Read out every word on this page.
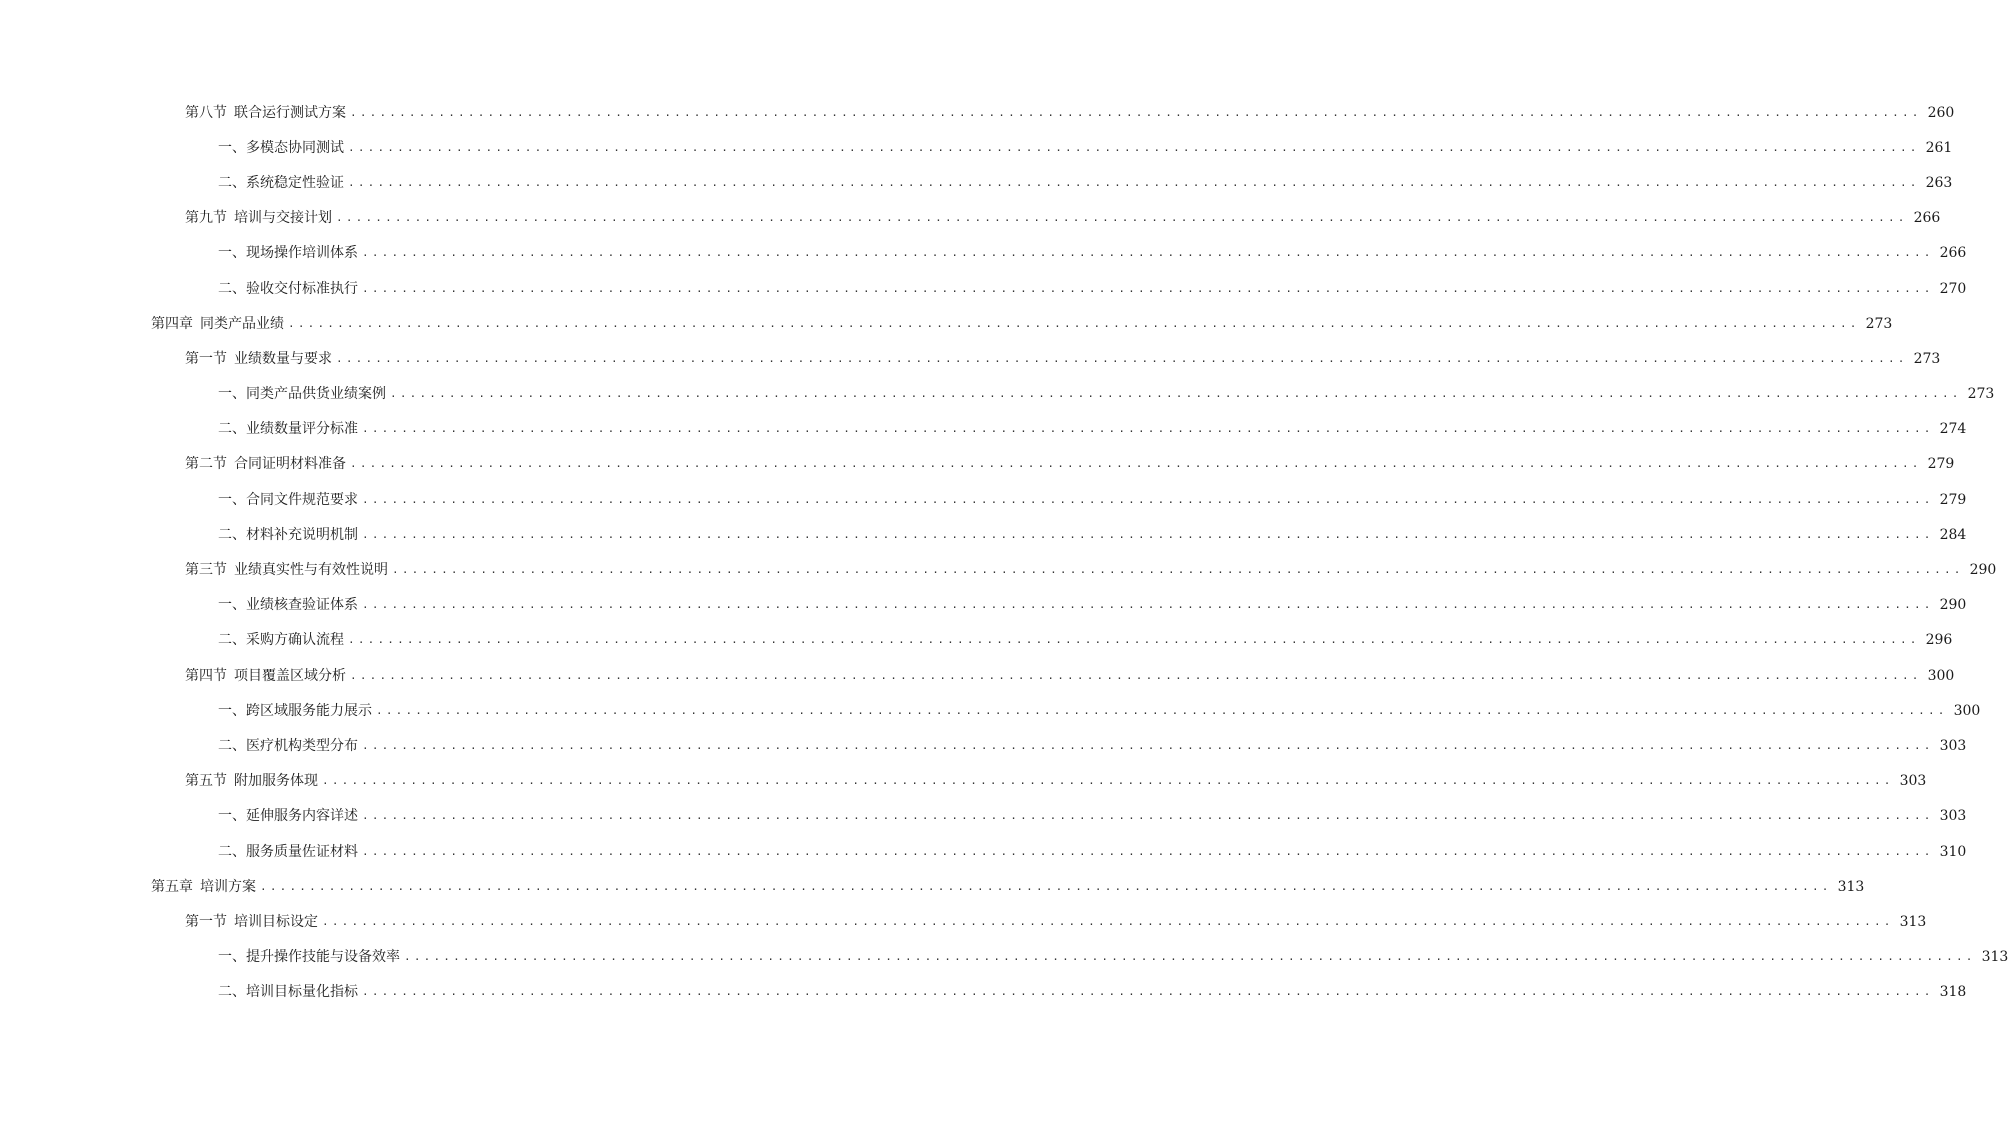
第八节 联合运行测试方案 ................................................................................................................................................................ 260
一、 多模态协同测试 ................................................................................................................................................................ 261
二、 系统稳定性验证 ................................................................................................................................................................ 263
第九节 培训与交接计划 ................................................................................................................................................................ 266
一、 现场操作培训体系 ................................................................................................................................................................ 266
二、 验收交付标准执行 ................................................................................................................................................................ 270
第四章 同类产品业绩 ................................................................................................................................................................ 273
第一节 业绩数量与要求 ................................................................................................................................................................ 273
一、 同类产品供货业绩案例 ................................................................................................................................................................ 273
二、 业绩数量评分标准 ................................................................................................................................................................ 274
第二节 合同证明材料准备 ................................................................................................................................................................ 279
一、 合同文件规范要求 ................................................................................................................................................................ 279
二、 材料补充说明机制 ................................................................................................................................................................ 284
第三节 业绩真实性与有效性说明 ................................................................................................................................................................ 290
一、 业绩核查验证体系 ................................................................................................................................................................ 290
二、 采购方确认流程 ................................................................................................................................................................ 296
第四节 项目覆盖区域分析 ................................................................................................................................................................ 300
一、 跨区域服务能力展示 ................................................................................................................................................................ 300
二、 医疗机构类型分布 ................................................................................................................................................................ 303
第五节 附加服务体现 ................................................................................................................................................................ 303
一、 延伸服务内容详述 ................................................................................................................................................................ 303
二、 服务质量佐证材料 ................................................................................................................................................................ 310
第五章 培训方案 ................................................................................................................................................................ 313
第一节 培训目标设定 ................................................................................................................................................................ 313
一、 提升操作技能与设备效率 ................................................................................................................................................................ 313
二、 培训目标量化指标 ................................................................................................................................................................ 318
